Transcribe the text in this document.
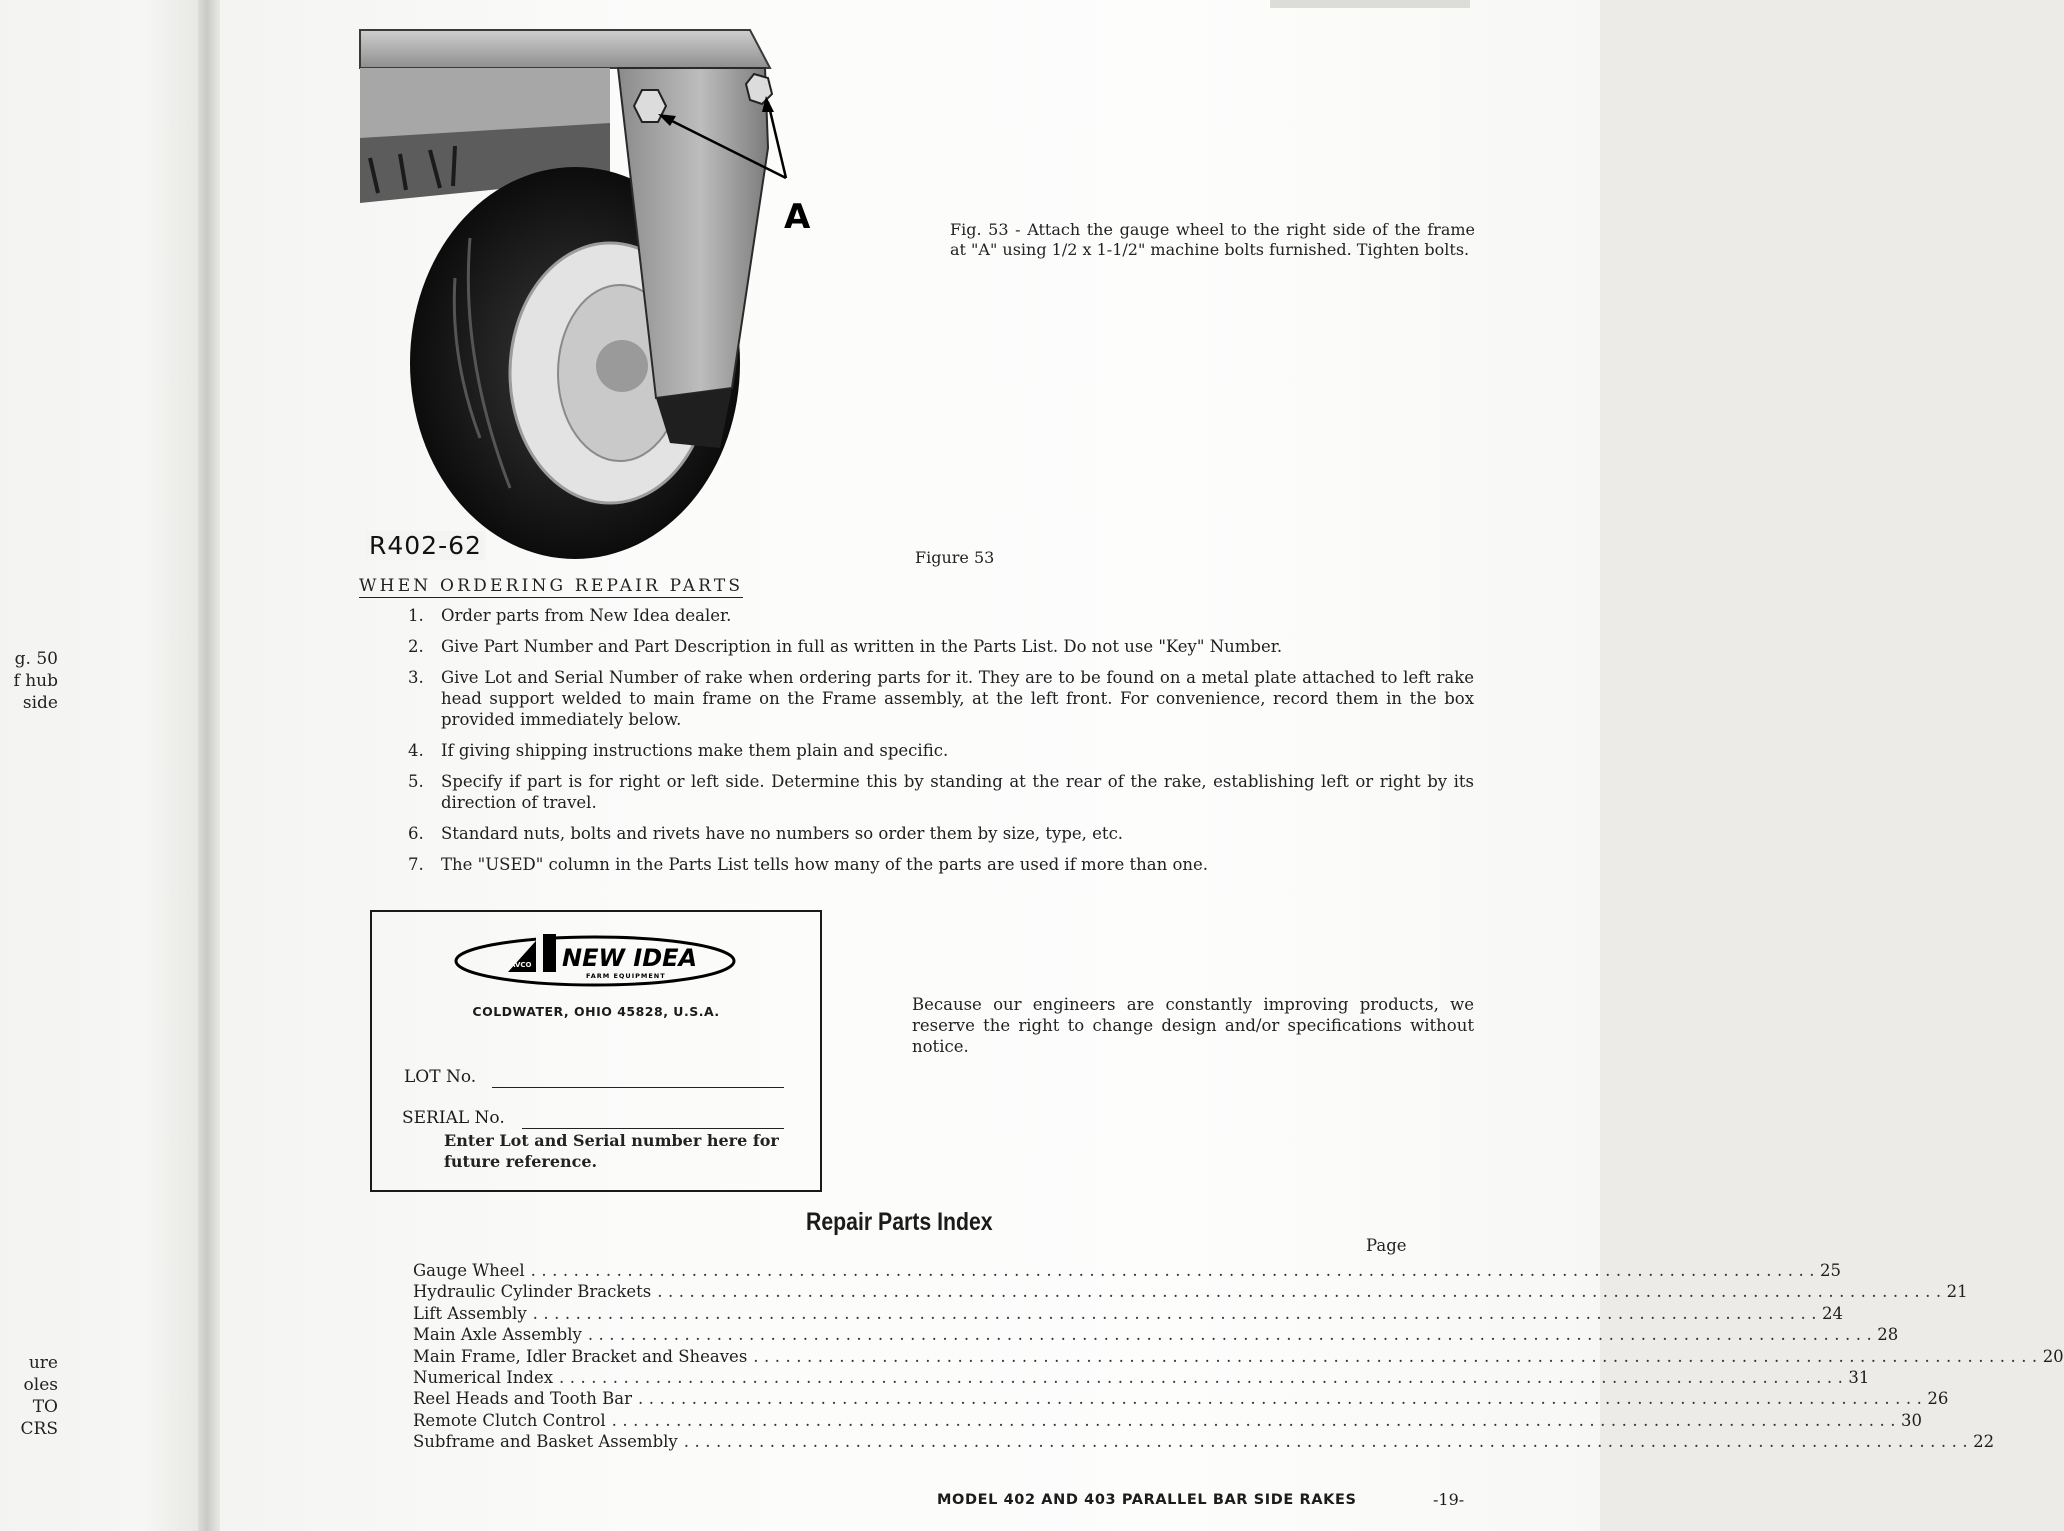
g. 50
f hub
side
ure
oles
TO
CRS
A
R402-62
Fig. 53 - Attach the gauge wheel to the right side of the frame at "A" using 1/2 x 1-1/2" machine bolts furnished. Tighten bolts.
Figure 53
WHEN ORDERING REPAIR PARTS
1. Order parts from New Idea dealer.
2. Give Part Number and Part Description in full as written in the Parts List. Do not use "Key" Number.
3. Give Lot and Serial Number of rake when ordering parts for it. They are to be found on a metal plate attached to left rake head support welded to main frame on the Frame assembly, at the left front. For convenience, record them in the box provided immediately below.
4. If giving shipping instructions make them plain and specific.
5. Specify if part is for right or left side. Determine this by standing at the rear of the rake, establishing left or right by its direction of travel.
6. Standard nuts, bolts and rivets have no numbers so order them by size, type, etc.
7. The "USED" column in the Parts List tells how many of the parts are used if more than one.
AVCO NEW IDEA
FARM EQUIPMENT
COLDWATER, OHIO 45828, U.S.A.
LOT No.
SERIAL No.
Enter Lot and Serial number here for future reference.
Because our engineers are constantly improving products, we reserve the right to change design and/or specifications without notice.
Repair Parts Index
Page
Gauge Wheel ........................................................................................................................ 25
Hydraulic Cylinder Brackets ........................................................................................................................ 21
Lift Assembly ........................................................................................................................ 24
Main Axle Assembly ........................................................................................................................ 28
Main Frame, Idler Bracket and Sheaves ........................................................................................................................ 20
Numerical Index ........................................................................................................................ 31
Reel Heads and Tooth Bar ........................................................................................................................ 26
Remote Clutch Control ........................................................................................................................ 30
Subframe and Basket Assembly ........................................................................................................................ 22
MODEL 402 AND 403 PARALLEL BAR SIDE RAKES	-19-
